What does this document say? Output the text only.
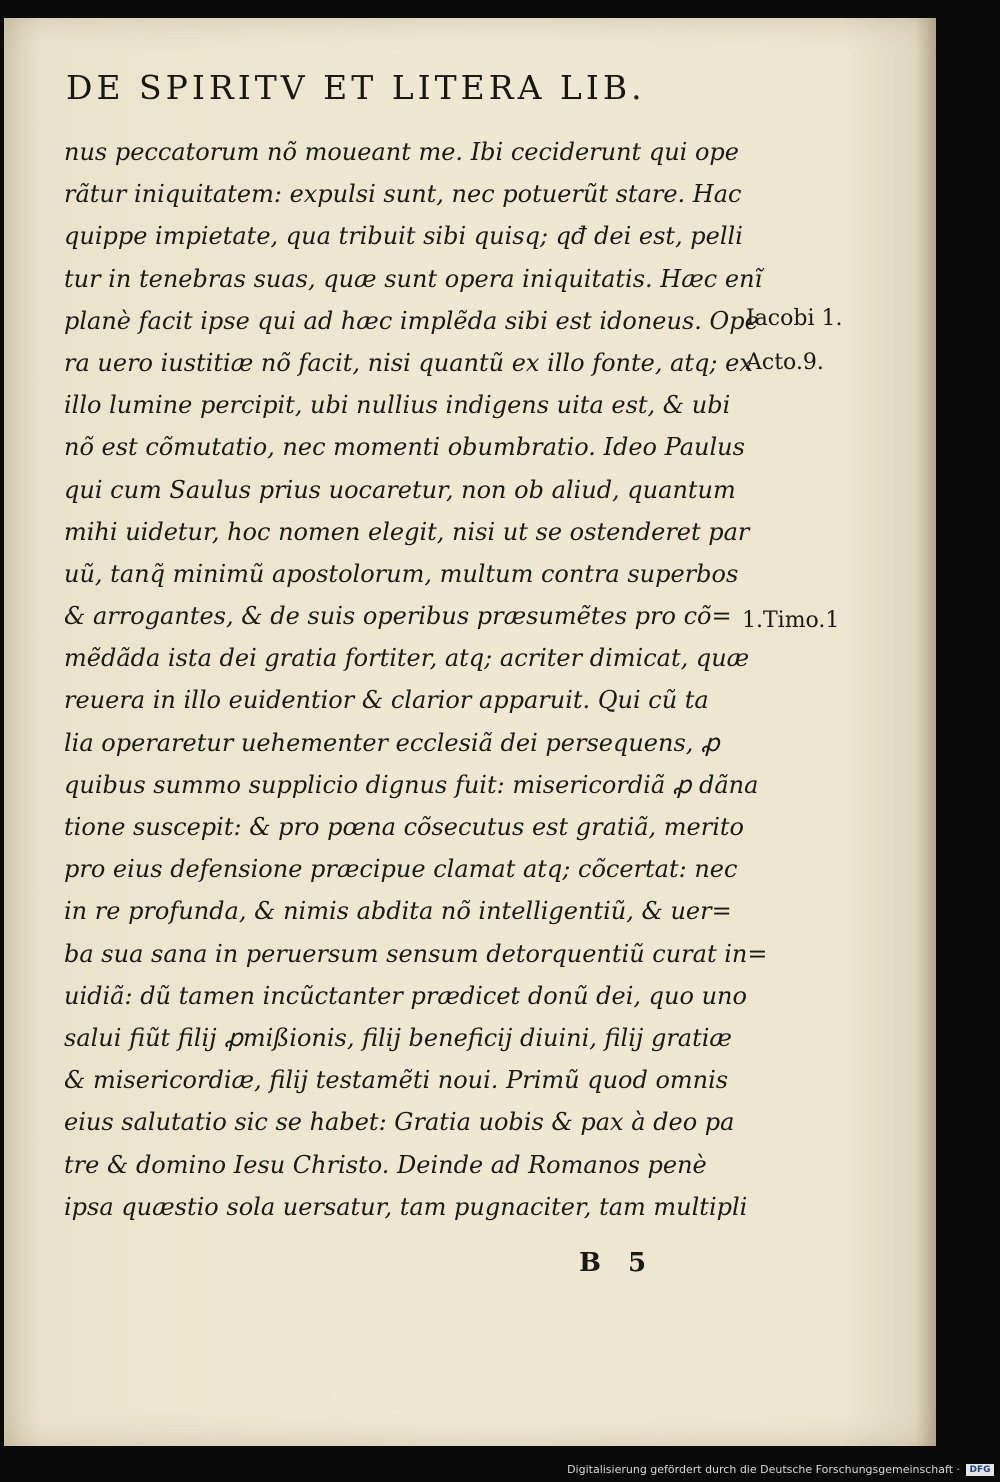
DE SPIRITV ET LITERA LIB.
nus peccatorum nõ moueant me. Ibi ceciderunt qui ope
rãtur iniquitatem: expulsi sunt, nec potuerũt stare. Hac
quippe impietate, qua tribuit sibi quisq; qđ dei est, pelli
tur in tenebras suas, quæ sunt opera iniquitatis. Hæc enĩ
planè facit ipse qui ad hæc implẽda sibi est idoneus. Ope
ra uero iustitiæ nõ facit, nisi quantũ ex illo fonte, atq; ex
illo lumine percipit, ubi nullius indigens uita est, & ubi
nõ est cõmutatio, nec momenti obumbratio. Ideo Paulus
qui cum Saulus prius uocaretur, non ob aliud, quantum
mihi uidetur, hoc nomen elegit, nisi ut se ostenderet par
uũ, tanq̃ minimũ apostolorum, multum contra superbos
& arrogantes, & de suis operibus præsumẽtes pro cõ=
mẽdãda ista dei gratia fortiter, atq; acriter dimicat, quæ
reuera in illo euidentior & clarior apparuit. Qui cũ ta
lia operaretur uehementer ecclesiã dei persequens, ꝓ
quibus summo supplicio dignus fuit: misericordiã ꝓ dãna
tione suscepit: & pro pœna cõsecutus est gratiã, merito
pro eius defensione præcipue clamat atq; cõcertat: nec
in re profunda, & nimis abdita nõ intelligentiũ, & uer=
ba sua sana in peruersum sensum detorquentiũ curat in=
uidiã: dũ tamen incũctanter prædicet donũ dei, quo uno
salui fiũt filij ꝓmißionis, filij beneficij diuini, filij gratiæ
& misericordiæ, filij testamẽti noui. Primũ quod omnis
eius salutatio sic se habet: Gratia uobis & pax à deo pa
tre & domino Iesu Christo. Deinde ad Romanos penè
ipsa quæstio sola uersatur, tam pugnaciter, tam multipli
Iacobi 1.
Acto.9.
1.Timo.1
B 5
Digitalisierung gefördert durch die Deutsche Forschungsgemeinschaft ·	DFG
